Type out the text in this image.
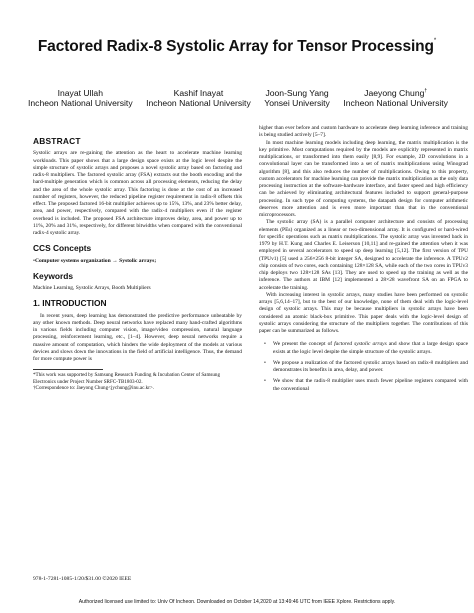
Factored Radix-8 Systolic Array for Tensor Processing*
Inayat Ullah
Incheon National University
Kashif Inayat
Incheon National University
Joon-Sung Yang
Yonsei University
Jaeyong Chung†
Incheon National University
ABSTRACT

Systolic arrays are re-gaining the attention as the heart to accelerate machine learning workloads. This paper shows that a large design space exists at the logic level despite the simple structure of systolic arrays and proposes a novel systolic array based on factoring and radix-8 multipliers. The factored systolic array (FSA) extracts out the booth encoding and the hard-multiple generation which is common across all processing elements, reducing the delay and the area of the whole systolic array. This factoring is done at the cost of an increased number of registers, however, the reduced pipeline register requirement in radix-8 offsets this effect. The proposed factored 16-bit multiplier achieves up to 15%, 13%, and 23% better delay, area, and power, respectively, compared with the radix-4 multipliers even if the register overhead is included. The proposed FSA architecture improves delay, area, and power up to 11%, 20% and 31%, respectively, for different bitwidths when compared with the conventional radix-4 systolic array.

CCS Concepts

•Computer systems organization → Systolic arrays;

Keywords

Machine Learning, Systolic Arrays, Booth Multipliers

1. INTRODUCTION

In recent years, deep learning has demonstrated the predictive performance unbeatable by any other known methods. Deep neural networks have replaced many hand-crafted algorithms in various fields including computer vision, image/video compression, natural language processing, reinforcement learning, etc., [1–4]. However, deep neural networks require a massive amount of computation, which hinders the wide deployment of the models at various devices and slows down the innovations in the field of artificial intelligence. Thus, the demand for more compute power is

*This work was supported by Samsung Research Funding & Incubation Center of Samsung Electronics under Project Number SRFC-TB1803-02.

†Correspondence to: Jaeyong Chung<jychung@inu.ac.kr>.

higher than ever before and custom hardware to accelerate deep learning inference and training is being studied actively [5–7].

In most machine learning models including deep learning, the matrix multiplication is the key primitive. Most computations required by the models are explicitly represented in matrix multiplications, or transformed into them easily [8,9]. For example, 2D convolutions in a convolutional layer can be transformed into a set of matrix multiplications using Winograd algorithm [8], and this also reduces the number of multiplications. Owing to this property, custom accelerators for machine learning can provide the matrix multiplication as the only data processing instruction at the software-hardware interface, and faster speed and high efficiency can be achieved by eliminating architectural features included to support general-purpose processing. In such type of computing systems, the datapath design for computer arithmetic deserves more attention and is even more important than that in the conventional microprocessors.

The systolic array (SA) is a parallel computer architecture and consists of processing elements (PEs) organized as a linear or two-dimensional array. It is configured or hard-wired for specific operations such as matrix multiplications. The systolic array was invented back in 1979 by H.T. Kung and Charles E. Leiserson [10,11] and re-gained the attention when it was employed in several accelerators to speed up deep learning [5,12]. The first version of TPU (TPUv1) [5] used a 256×256 8-bit integer SA, designed to accelerate the inference. A TPUv2 chip consists of two cores, each containing 128×128 SA, while each of the two cores in TPUv3 chip deploys two 128×128 SAs [13]. They are used to speed up the training as well as the inference. The authors at IBM [12] implemented a 28×28 wavefront SA on an FPGA to accelerate the training.

With increasing interest in systolic arrays, many studies have been performed on systolic arrays [5,6,14–17], but to the best of our knowledge, none of them deal with the logic-level design of systolic arrays. This may be because multipliers in systolic arrays have been considered an atomic black-box primitive. This paper deals with the logic-level design of systolic arrays considering the structure of the multipliers together. The contributions of this paper can be summarized as follows.

• We present the concept of factored systolic arrays and show that a large design space exists at the logic level despite the simple structure of the systolic arrays.
• We propose a realization of the factored systolic arrays based on radix-8 multipliers and demonstrates its benefits in area, delay, and power.
• We show that the radix-8 multiplier uses much fewer pipeline registers compared with the conventional
978-1-7281-1085-1/20/$31.00 ©2020 IEEE
Authorized licensed use limited to: Univ Of Incheon. Downloaded on October 14,2020 at 13:49:46 UTC from IEEE Xplore. Restrictions apply.
